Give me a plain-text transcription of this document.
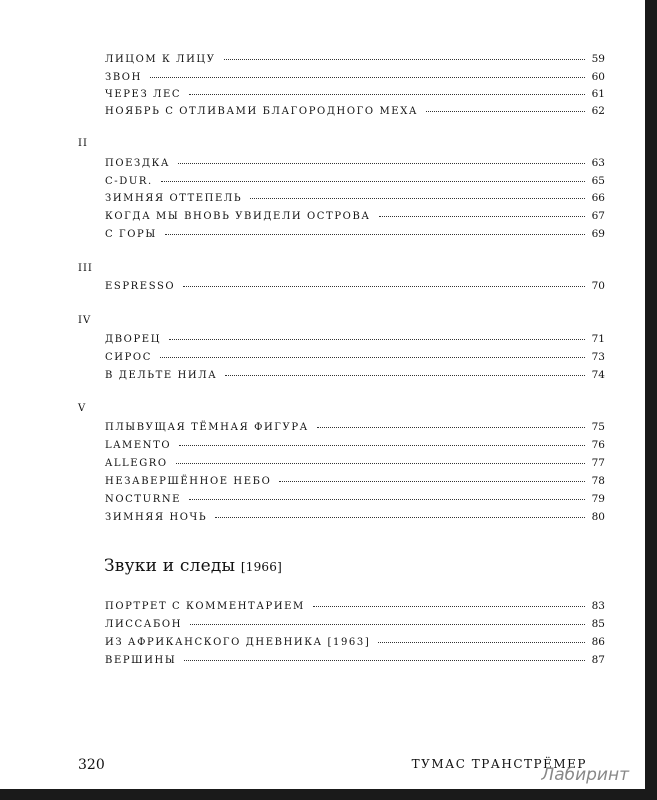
ЛИЦОМ К ЛИЦУ	59
ЗВОН	60
ЧЕРЕЗ ЛЕС	61
НОЯБРЬ С ОТЛИВАМИ БЛАГОРОДНОГО МЕХА	62
II
ПОЕЗДКА	63
C-DUR.	65
ЗИМНЯЯ ОТТЕПЕЛЬ	66
КОГДА МЫ ВНОВЬ УВИДЕЛИ ОСТРОВА	67
С ГОРЫ	69
III
ESPRESSO	70
IV
ДВОРЕЦ	71
СИРОС	73
В ДЕЛЬТЕ НИЛА	74
V
ПЛЫВУЩАЯ ТЁМНАЯ ФИГУРА	75
LAMENTO	76
ALLEGRO	77
НЕЗАВЕРШЁННОЕ НЕБО	78
NOCTURNE	79
ЗИМНЯЯ НОЧЬ	80
Звуки и следы [1966]
ПОРТРЕТ С КОММЕНТАРИЕМ	83
ЛИССАБОН	85
ИЗ АФРИКАНСКОГО ДНЕВНИКА [1963]	86
ВЕРШИНЫ	87
320	ТУМАС ТРАНСТРЁМЕР
Лабиринт
